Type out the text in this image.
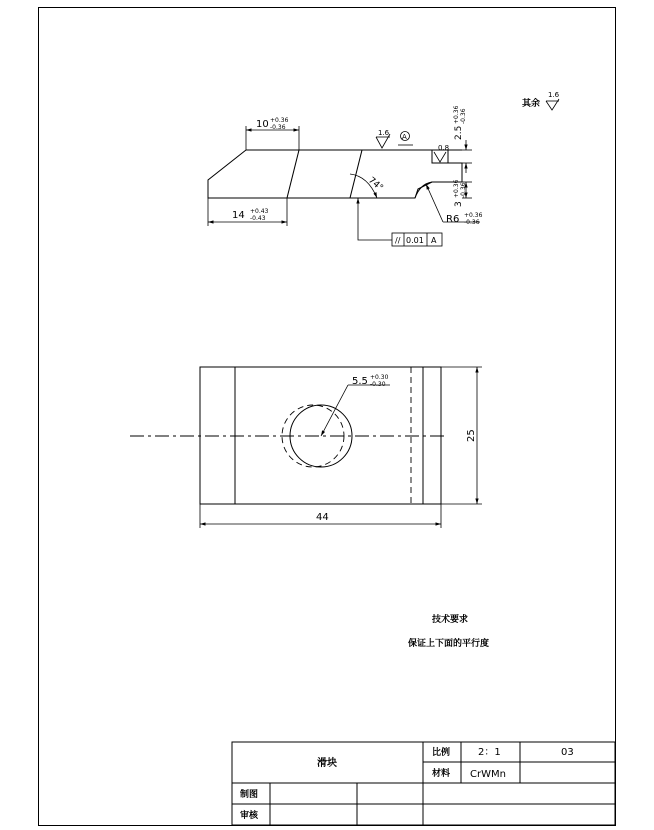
10 +0.36
-0.36
14 +0.43
-0.43
74°
1.6 A
0.8
2.5
+0.36 -0.36
3
+0.36 -0.36
R6 +0.36
-0.36
// 0.01 A
其余
1.6
5.5 +0.30
-0.30
44
25
技术要求
保证上下面的平行度
滑块
比例	2：1	03
材料 CrWMn
制图
审核
